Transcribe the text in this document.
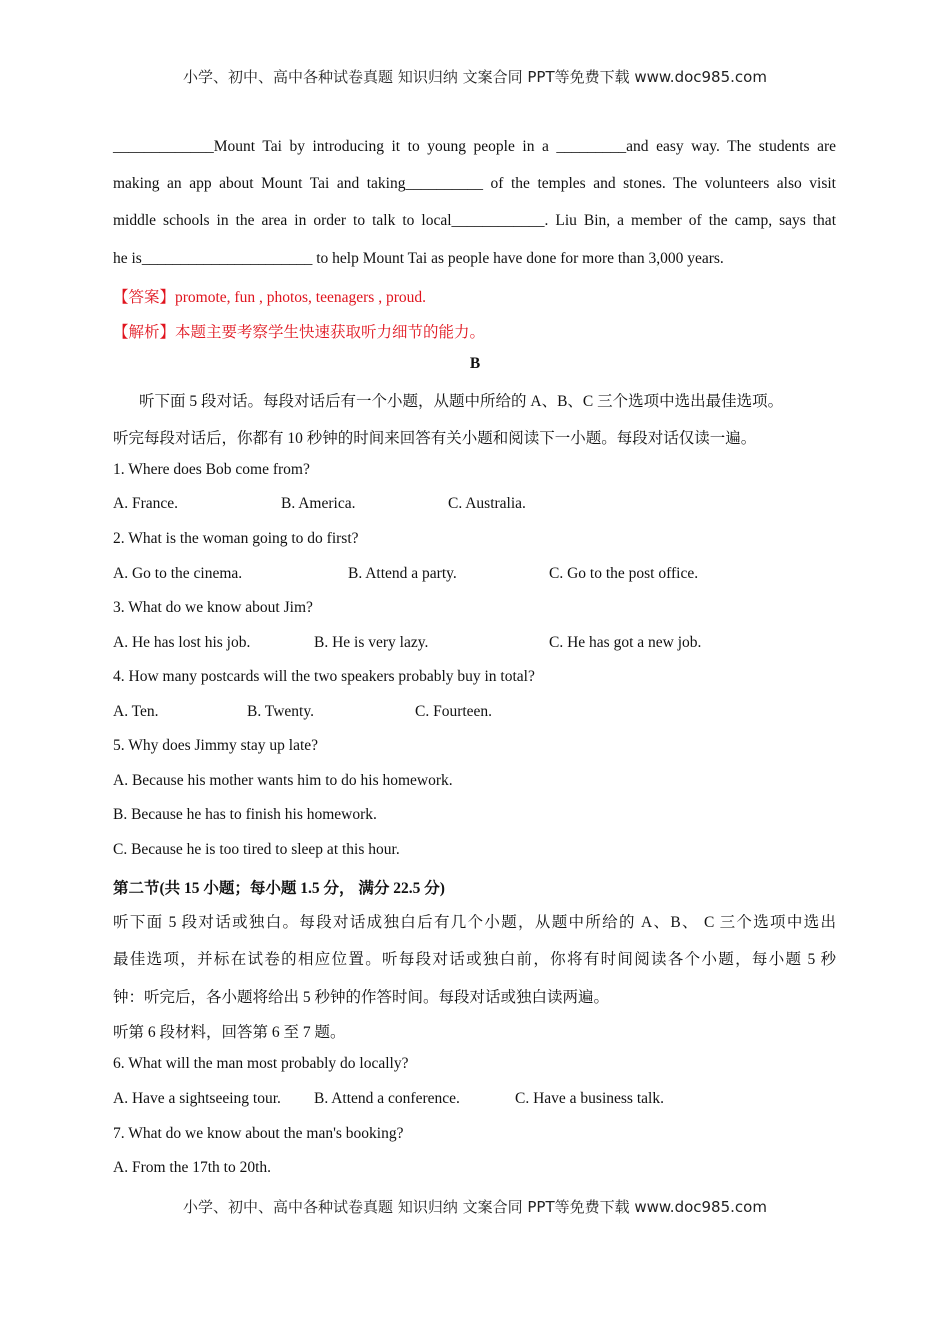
小学、初中、高中各种试卷真题 知识归纳 文案合同 PPT等免费下载 www.doc985.com
_____________Mount Tai by introducing it to young people in a _________and easy way. The students are
making an app about Mount Tai and taking__________ of the temples and stones. The volunteers also visit
middle schools in the area in order to talk to local____________. Liu Bin, a member of the camp, says that
he is______________________ to help Mount Tai as people have done for more than 3,000 years.
【答案】promote, fun , photos, teenagers , proud.
【解析】本题主要考察学生快速获取听力细节的能力。
B
听下面 5 段对话。每段对话后有一个小题，从题中所给的 A、B、C 三个选项中选出最佳选项。
听完每段对话后，你都有 10 秒钟的时间来回答有关小题和阅读下一小题。每段对话仅读一遍。
1. Where does Bob come from?
A. France.	B. America.	C. Australia.
2. What is the woman going to do first?
A. Go to the cinema.	B. Attend a party.	C. Go to the post office.
3. What do we know about Jim?
A. He has lost his job.	B. He is very lazy.	C. He has got a new job.
4. How many postcards will the two speakers probably buy in total?
A. Ten.	B. Twenty.	C. Fourteen.
5. Why does Jimmy stay up late?
A. Because his mother wants him to do his homework.
B. Because he has to finish his homework.
C. Because he is too tired to sleep at this hour.
第二节(共 15 小题；每小题 1.5 分， 满分 22.5 分)
听下面 5 段对话或独白。每段对话成独白后有几个小题，从题中所给的 A、B、 C 三个选项中选出
最佳选项，并标在试卷的相应位置。听每段对话或独白前，你将有时间阅读各个小题，每小题 5 秒
钟：听完后，各小题将给出 5 秒钟的作答时间。每段对话或独白读两遍。
听第 6 段材料，回答第 6 至 7 题。
6. What will the man most probably do locally?
A. Have a sightseeing tour. B. Attend a conference.	C. Have a business talk.
7. What do we know about the man's booking?
A. From the 17th to 20th.
小学、初中、高中各种试卷真题 知识归纳 文案合同 PPT等免费下载 www.doc985.com
